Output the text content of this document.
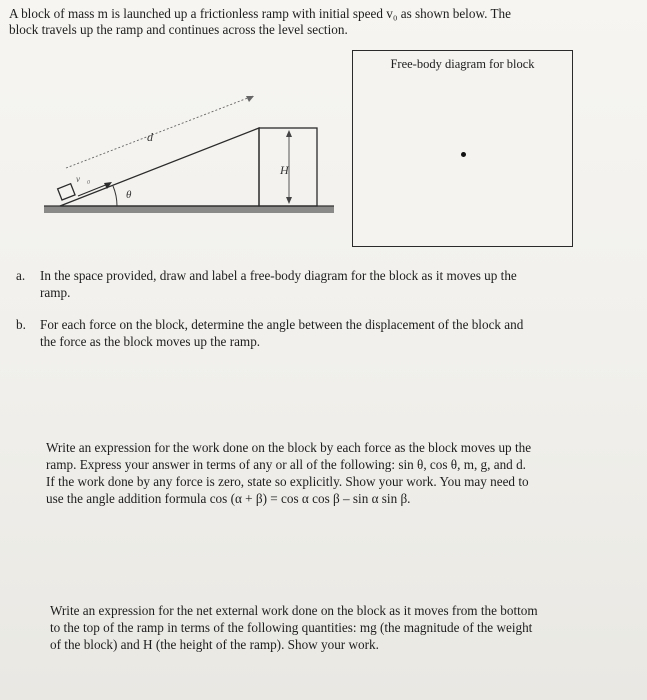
A block of mass m is launched up a frictionless ramp with initial speed v₀ as shown below. The
block travels up the ramp and continues across the level section.
d
H
θ
v⃗₀
Free-body diagram for block
a. In the space provided, draw and label a free-body diagram for the block as it moves up the
ramp.
b. For each force on the block, determine the angle between the displacement of the block and
the force as the block moves up the ramp.
Write an expression for the work done on the block by each force as the block moves up the
ramp. Express your answer in terms of any or all of the following: sin θ, cos θ, m, g, and d.
If the work done by any force is zero, state so explicitly. Show your work. You may need to
use the angle addition formula cos (α + β) = cos α cos β – sin α sin β.
Write an expression for the net external work done on the block as it moves from the bottom
to the top of the ramp in terms of the following quantities: mg (the magnitude of the weight
of the block) and H (the height of the ramp). Show your work.
